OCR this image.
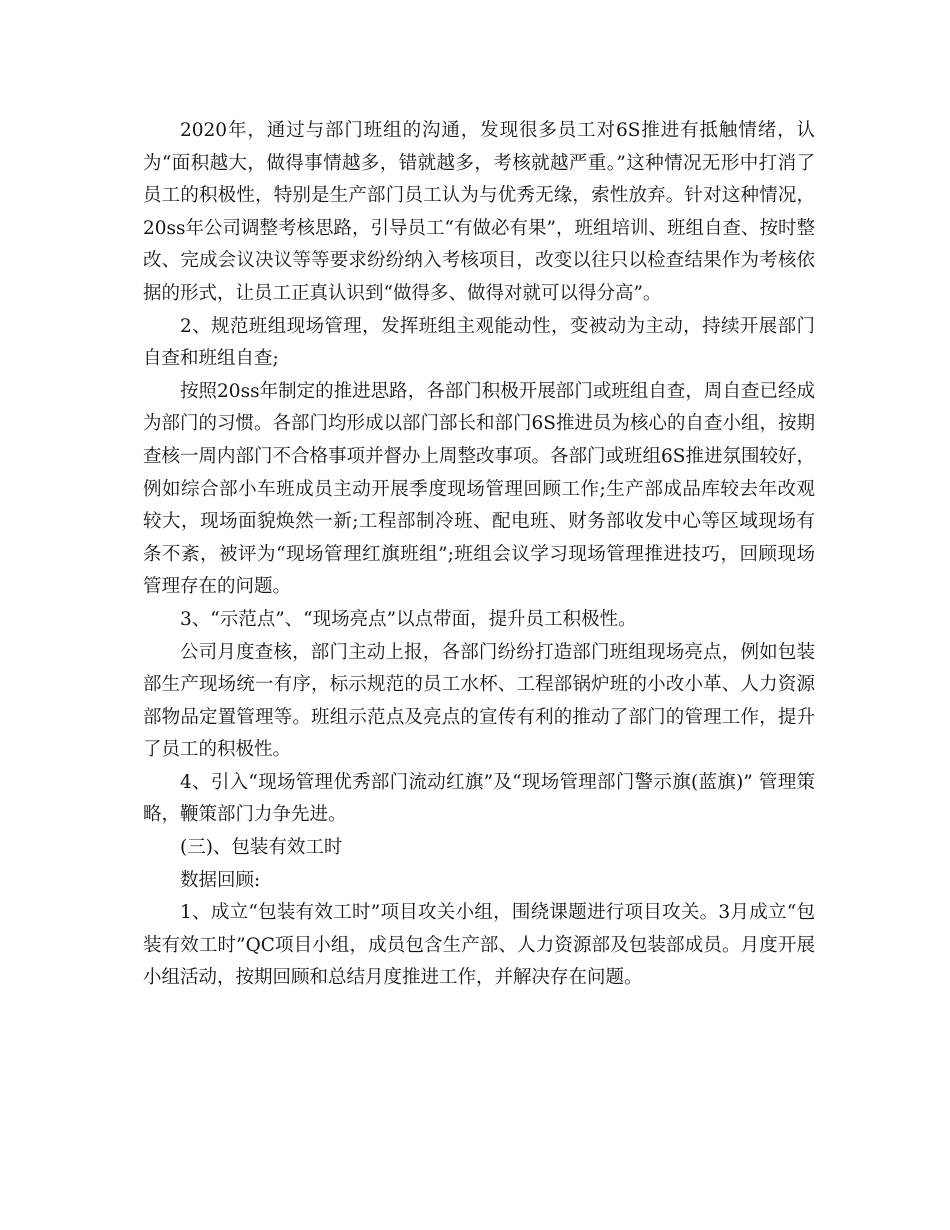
2020年，通过与部门班组的沟通，发现很多员工对6S推进有抵触情绪，认为“面积越大，做得事情越多，错就越多，考核就越严重。”这种情况无形中打消了员工的积极性，特别是生产部门员工认为与优秀无缘，索性放弃。针对这种情况，20ss年公司调整考核思路，引导员工“有做必有果”，班组培训、班组自查、按时整改、完成会议决议等等要求纷纷纳入考核项目，改变以往只以检查结果作为考核依据的形式，让员工正真认识到“做得多、做得对就可以得分高”。

2、规范班组现场管理，发挥班组主观能动性，变被动为主动，持续开展部门自查和班组自查;

按照20ss年制定的推进思路，各部门积极开展部门或班组自查，周自查已经成为部门的习惯。各部门均形成以部门部长和部门6S推进员为核心的自查小组，按期查核一周内部门不合格事项并督办上周整改事项。各部门或班组6S推进氛围较好，例如综合部小车班成员主动开展季度现场管理回顾工作;生产部成品库较去年改观较大，现场面貌焕然一新;工程部制冷班、配电班、财务部收发中心等区域现场有条不紊，被评为“现场管理红旗班组”;班组会议学习现场管理推进技巧，回顾现场管理存在的问题。

3、“示范点”、“现场亮点”以点带面，提升员工积极性。

公司月度查核，部门主动上报，各部门纷纷打造部门班组现场亮点，例如包装部生产现场统一有序，标示规范的员工水杯、工程部锅炉班的小改小革、人力资源部物品定置管理等。班组示范点及亮点的宣传有利的推动了部门的管理工作，提升了员工的积极性。

4、引入“现场管理优秀部门流动红旗”及“现场管理部门警示旗(蓝旗)” 管理策略，鞭策部门力争先进。

(三)、包装有效工时

数据回顾:

1、成立“包装有效工时”项目攻关小组，围绕课题进行项目攻关。3月成立“包装有效工时”QC项目小组，成员包含生产部、人力资源部及包装部成员。月度开展小组活动，按期回顾和总结月度推进工作，并解决存在问题。
